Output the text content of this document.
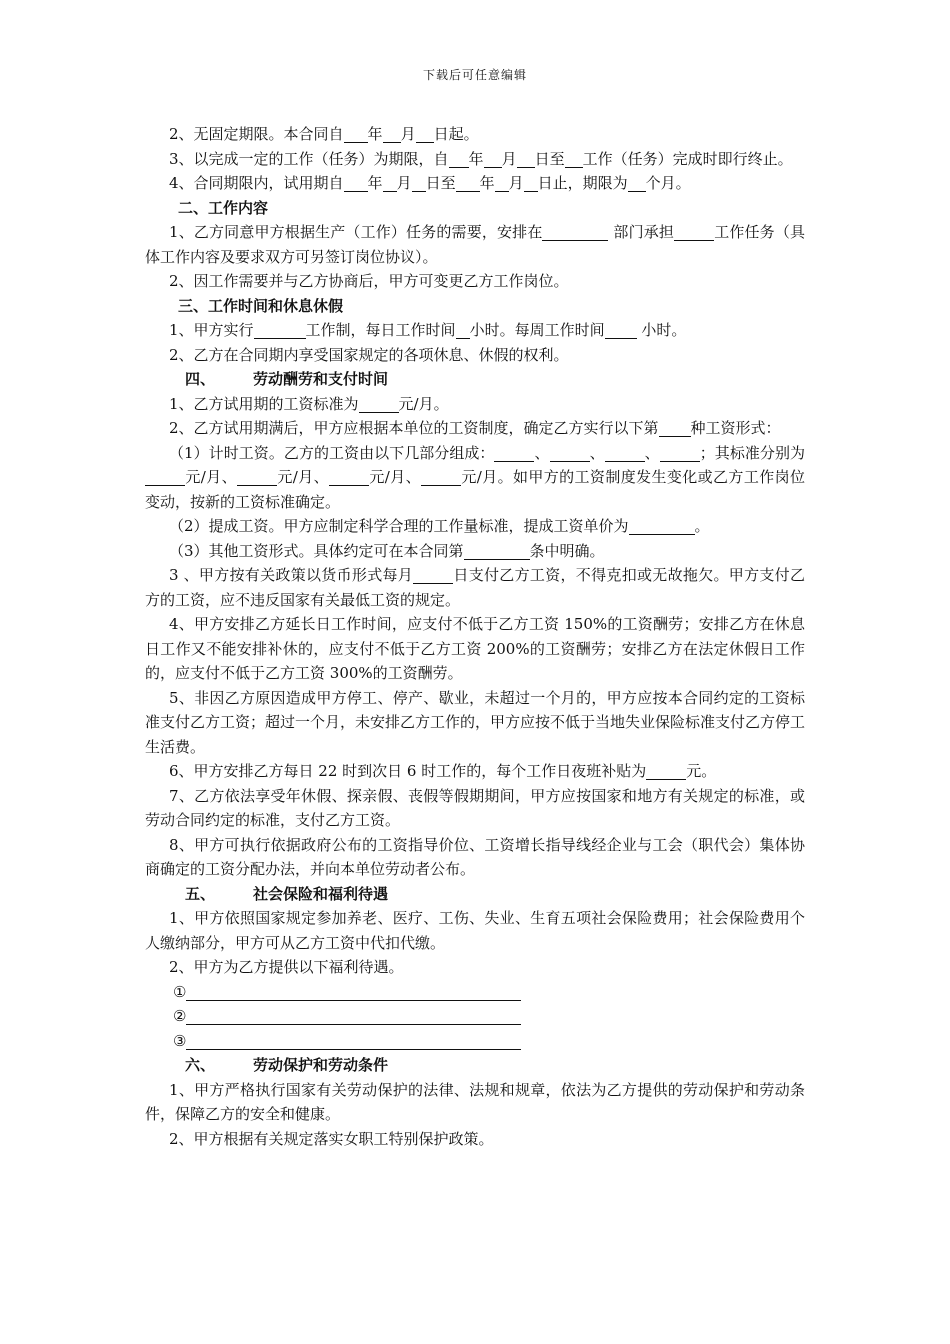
下载后可任意编辑

2、无固定期限。本合同自 年 月 日起。

3、以完成一定的工作（任务）为期限，自 年 月 日至 工作（任务）完成时即行终止。

4、合同期限内，试用期自 年 月 日至 年 月 日止，期限为 个月。

二、工作内容

1、乙方同意甲方根据生产（工作）任务的需要，安排在	部门承担	工作任务（具体工作内容及要求双方可另签订岗位协议）。

2、因工作需要并与乙方协商后，甲方可变更乙方工作岗位。

三、工作时间和休息休假

1、甲方实行	工作制，每日工作时间 小时。每周工作时间 小时。

2、乙方在合同期内享受国家规定的各项休息、休假的权利。

四、	劳动酬劳和支付时间

1、乙方试用期的工资标准为	元/月。

2、乙方试用期满后，甲方应根据本单位的工资制度，确定乙方实行以下第 种工资形式：

（1）计时工资。乙方的工资由以下几部分组成：	、	、	、	；其标准分别为元/月、	元/月、	元/月、	元/月。如甲方的工资制度发生变化或乙方工作岗位变动，按新的工资标准确定。

（2）提成工资。甲方应制定科学合理的工作量标准，提成工资单价为	。

（3）其他工资形式。具体约定可在本合同第	条中明确。

3 、甲方按有关政策以货币形式每月	日支付乙方工资，不得克扣或无故拖欠。甲方支付乙方的工资，应不违反国家有关最低工资的规定。

4、甲方安排乙方延长日工作时间，应支付不低于乙方工资 150%的工资酬劳；安排乙方在休息日工作又不能安排补休的，应支付不低于乙方工资 200%的工资酬劳；安排乙方在法定休假日工作的，应支付不低于乙方工资 300%的工资酬劳。

5、非因乙方原因造成甲方停工、停产、歇业，未超过一个月的，甲方应按本合同约定的工资标准支付乙方工资；超过一个月，未安排乙方工作的，甲方应按不低于当地失业保险标准支付乙方停工生活费。

6、甲方安排乙方每日 22 时到次日 6 时工作的，每个工作日夜班补贴为	元。

7、乙方依法享受年休假、探亲假、丧假等假期期间，甲方应按国家和地方有关规定的标准，或劳动合同约定的标准，支付乙方工资。

8、甲方可执行依据政府公布的工资指导价位、工资增长指导线经企业与工会（职代会）集体协商确定的工资分配办法，并向本单位劳动者公布。

五、	社会保险和福利待遇

1、甲方依照国家规定参加养老、医疗、工伤、失业、生育五项社会保险费用；社会保险费用个人缴纳部分，甲方可从乙方工资中代扣代缴。

2、甲方为乙方提供以下福利待遇。

①
②
③

六、	劳动保护和劳动条件

1、甲方严格执行国家有关劳动保护的法律、法规和规章，依法为乙方提供的劳动保护和劳动条件，保障乙方的安全和健康。

2、甲方根据有关规定落实女职工特别保护政策。
